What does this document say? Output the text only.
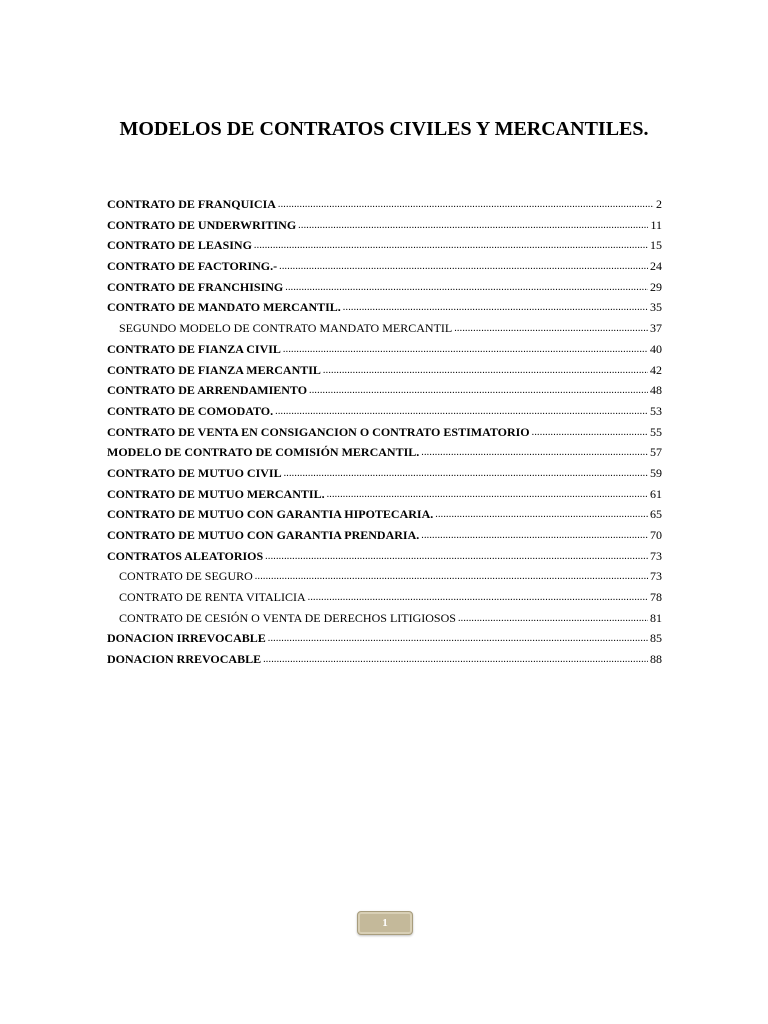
MODELOS DE CONTRATOS CIVILES Y MERCANTILES.
CONTRATO DE FRANQUICIA .....	2
CONTRATO DE UNDERWRITING .....	11
CONTRATO DE LEASING .....	15
CONTRATO DE FACTORING.- .....	24
CONTRATO DE FRANCHISING .....	29
CONTRATO DE MANDATO MERCANTIL. .....	35
SEGUNDO MODELO DE CONTRATO MANDATO MERCANTIL .....	37
CONTRATO DE FIANZA CIVIL .....	40
CONTRATO DE FIANZA MERCANTIL .....	42
CONTRATO DE ARRENDAMIENTO .....	48
CONTRATO DE COMODATO. .....	53
CONTRATO DE VENTA EN CONSIGANCION O CONTRATO ESTIMATORIO .....	55
MODELO DE CONTRATO DE COMISIÓN MERCANTIL. .....	57
CONTRATO DE MUTUO CIVIL .....	59
CONTRATO DE MUTUO MERCANTIL. .....	61
CONTRATO DE MUTUO CON GARANTIA HIPOTECARIA. .....	65
CONTRATO DE MUTUO CON GARANTIA PRENDARIA. .....	70
CONTRATOS ALEATORIOS .....	73
CONTRATO DE SEGURO .....	73
CONTRATO DE RENTA VITALICIA .....	78
CONTRATO DE CESIÓN O VENTA DE DERECHOS LITIGIOSOS .....	81
DONACION IRREVOCABLE .....	85
DONACION RREVOCABLE .....	88
1
